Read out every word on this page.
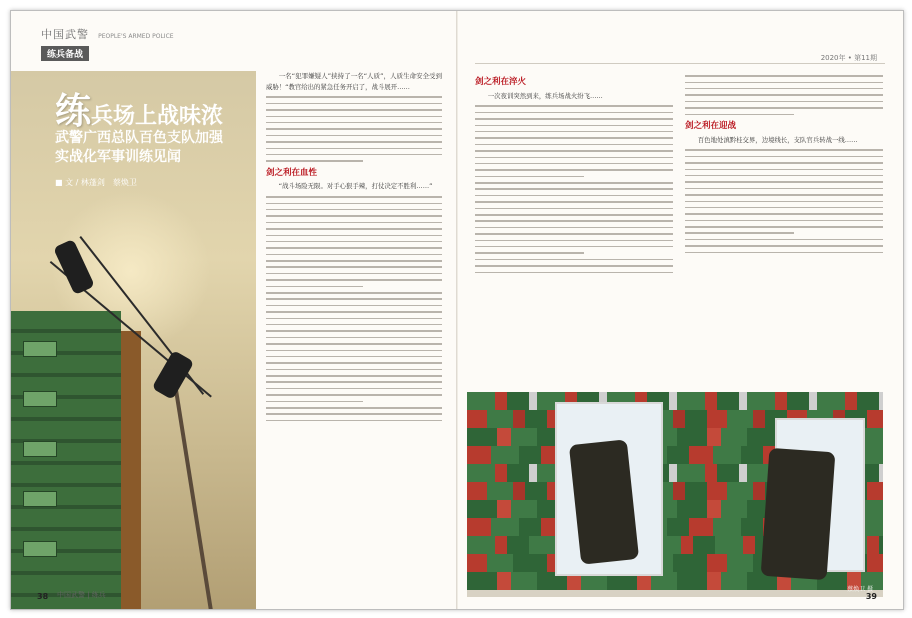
中国武警 PEOPLE'S ARMED POLICE
练兵备战
练兵场上战味浓
武警广西总队百色支队加强
实战化军事训练见闻
■ 文 / 林蓬剑　蔡焕卫

一名“犯罪嫌疑人”挟持了一名“人质”，人质生命安全受到威胁！“教官给出的紧急任务开启了，战斗展开……

剑之利在血性

“战斗场险无限。对手心狠手辣，打仗决定不胜利……”

38 中国武警 | 练兵
2020年 • 第11期
剑之利在淬火

一次夜训突然到来，练兵场战火纷飞……

剑之利在迎战

百色地处滇黔桂交界，边境线长，支队官兵转战一线……

蔡焕卫 摄
39
